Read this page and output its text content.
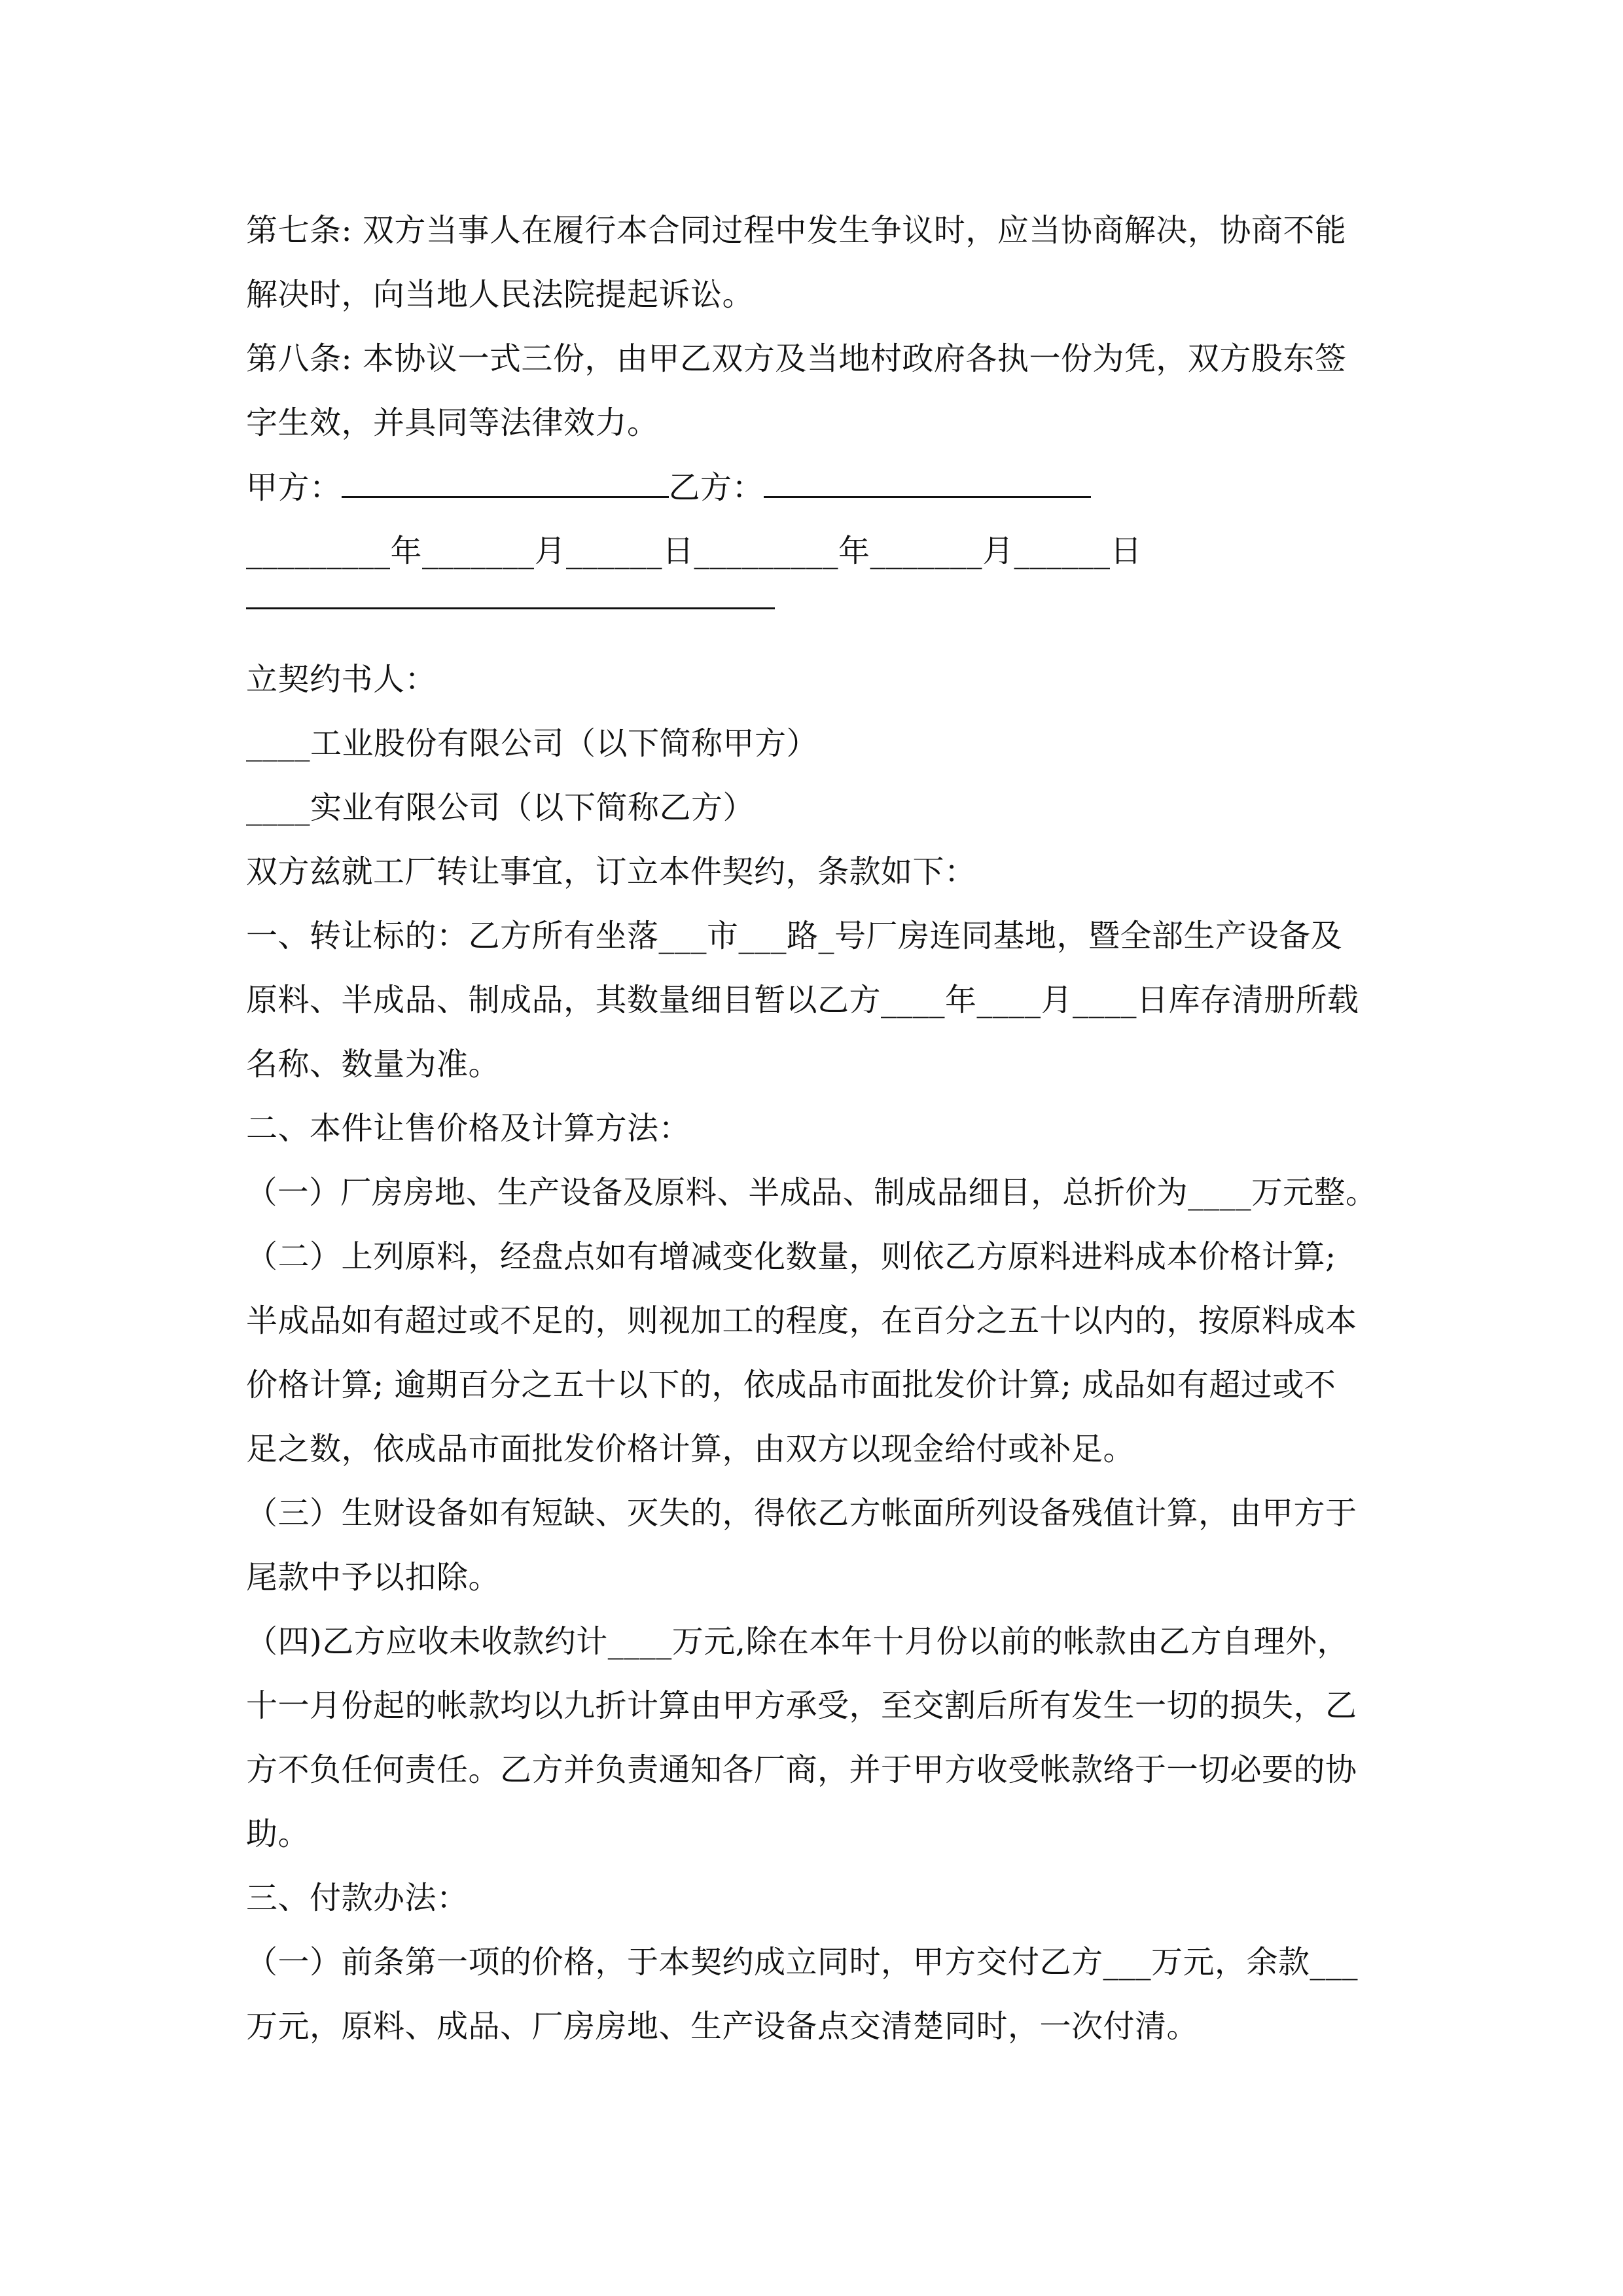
第七条: 双方当事人在履行本合同过程中发生争议时，应当协商解决，协商不能
解决时，向当地人民法院提起诉讼。
第八条: 本协议一式三份，由甲乙双方及当地村政府各执一份为凭，双方股东签
字生效，并具同等法律效力。
甲方：	乙方：
_________年_______月______日_________年_______月______日
立契约书人：
____工业股份有限公司（以下简称甲方）
____实业有限公司（以下简称乙方）
双方兹就工厂转让事宜，订立本件契约，条款如下：
一、转让标的：乙方所有坐落___市___路_号厂房连同基地，暨全部生产设备及
原料、半成品、制成品，其数量细目暂以乙方____年____月____日库存清册所载
名称、数量为准。
二、本件让售价格及计算方法：
（一）厂房房地、生产设备及原料、半成品、制成品细目，总折价为____万元整。
（二）上列原料，经盘点如有增减变化数量，则依乙方原料进料成本价格计算;
半成品如有超过或不足的，则视加工的程度，在百分之五十以内的，按原料成本
价格计算; 逾期百分之五十以下的，依成品市面批发价计算; 成品如有超过或不
足之数，依成品市面批发价格计算，由双方以现金给付或补足。
（三）生财设备如有短缺、灭失的，得依乙方帐面所列设备残值计算，由甲方于
尾款中予以扣除。
（四)乙方应收未收款约计____万元,除在本年十月份以前的帐款由乙方自理外，
十一月份起的帐款均以九折计算由甲方承受，至交割后所有发生一切的损失，乙
方不负任何责任。乙方并负责通知各厂商，并于甲方收受帐款络于一切必要的协
助。
三、付款办法：
（一）前条第一项的价格，于本契约成立同时，甲方交付乙方___万元，余款___
万元，原料、成品、厂房房地、生产设备点交清楚同时，一次付清。
